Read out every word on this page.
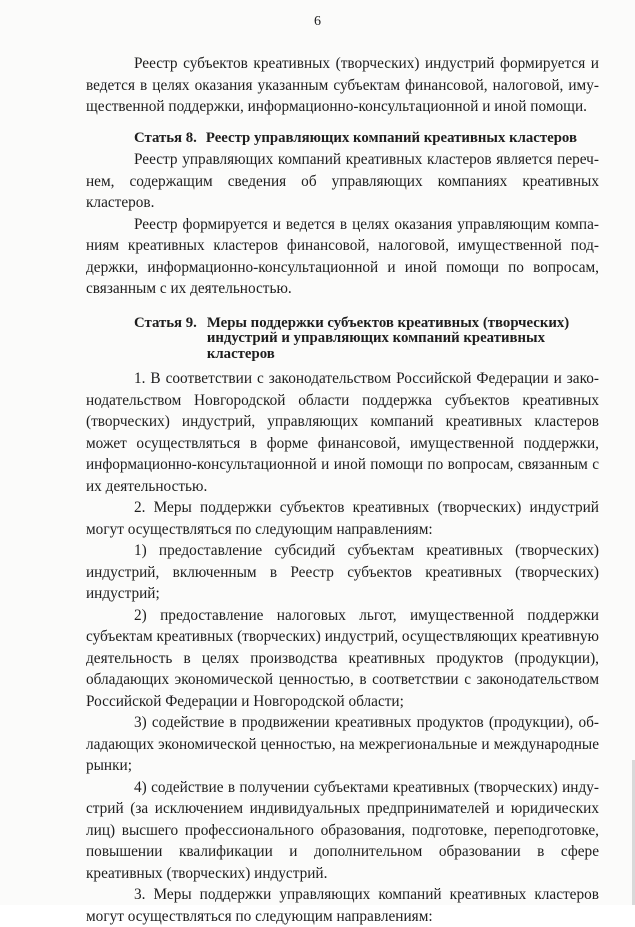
6

Реестр субъектов креативных (творческих) индустрий формируется и ведется в целях оказания указанным субъектам финансовой, налоговой, имущественной поддержки, информационно-консультационной и иной помощи.

Статья 8. Реестр управляющих компаний креативных кластеров

Реестр управляющих компаний креативных кластеров является перечнем, содержащим сведения об управляющих компаниях креативных кластеров.

Реестр формируется и ведется в целях оказания управляющим компаниям креативных кластеров финансовой, налоговой, имущественной поддержки, информационно-консультационной и иной помощи по вопросам, связанным с их деятельностью.

Статья 9. Меры поддержки субъектов креативных (творческих) индустрий и управляющих компаний креативных кластеров

1. В соответствии с законодательством Российской Федерации и законодательством Новгородской области поддержка субъектов креативных (творческих) индустрий, управляющих компаний креативных кластеров может осуществляться в форме финансовой, имущественной поддержки, информационно-консультационной и иной помощи по вопросам, связанным с их деятельностью.

2. Меры поддержки субъектов креативных (творческих) индустрий могут осуществляться по следующим направлениям:

1) предоставление субсидий субъектам креативных (творческих) индустрий, включенным в Реестр субъектов креативных (творческих) индустрий;

2) предоставление налоговых льгот, имущественной поддержки субъектам креативных (творческих) индустрий, осуществляющих креативную деятельность в целях производства креативных продуктов (продукции), обладающих экономической ценностью, в соответствии с законодательством Российской Федерации и Новгородской области;

3) содействие в продвижении креативных продуктов (продукции), обладающих экономической ценностью, на межрегиональные и международные рынки;

4) содействие в получении субъектами креативных (творческих) индустрий (за исключением индивидуальных предпринимателей и юридических лиц) высшего профессионального образования, подготовке, переподготовке, повышении квалификации и дополнительном образовании в сфере креативных (творческих) индустрий.

3. Меры поддержки управляющих компаний креативных кластеров могут осуществляться по следующим направлениям:
